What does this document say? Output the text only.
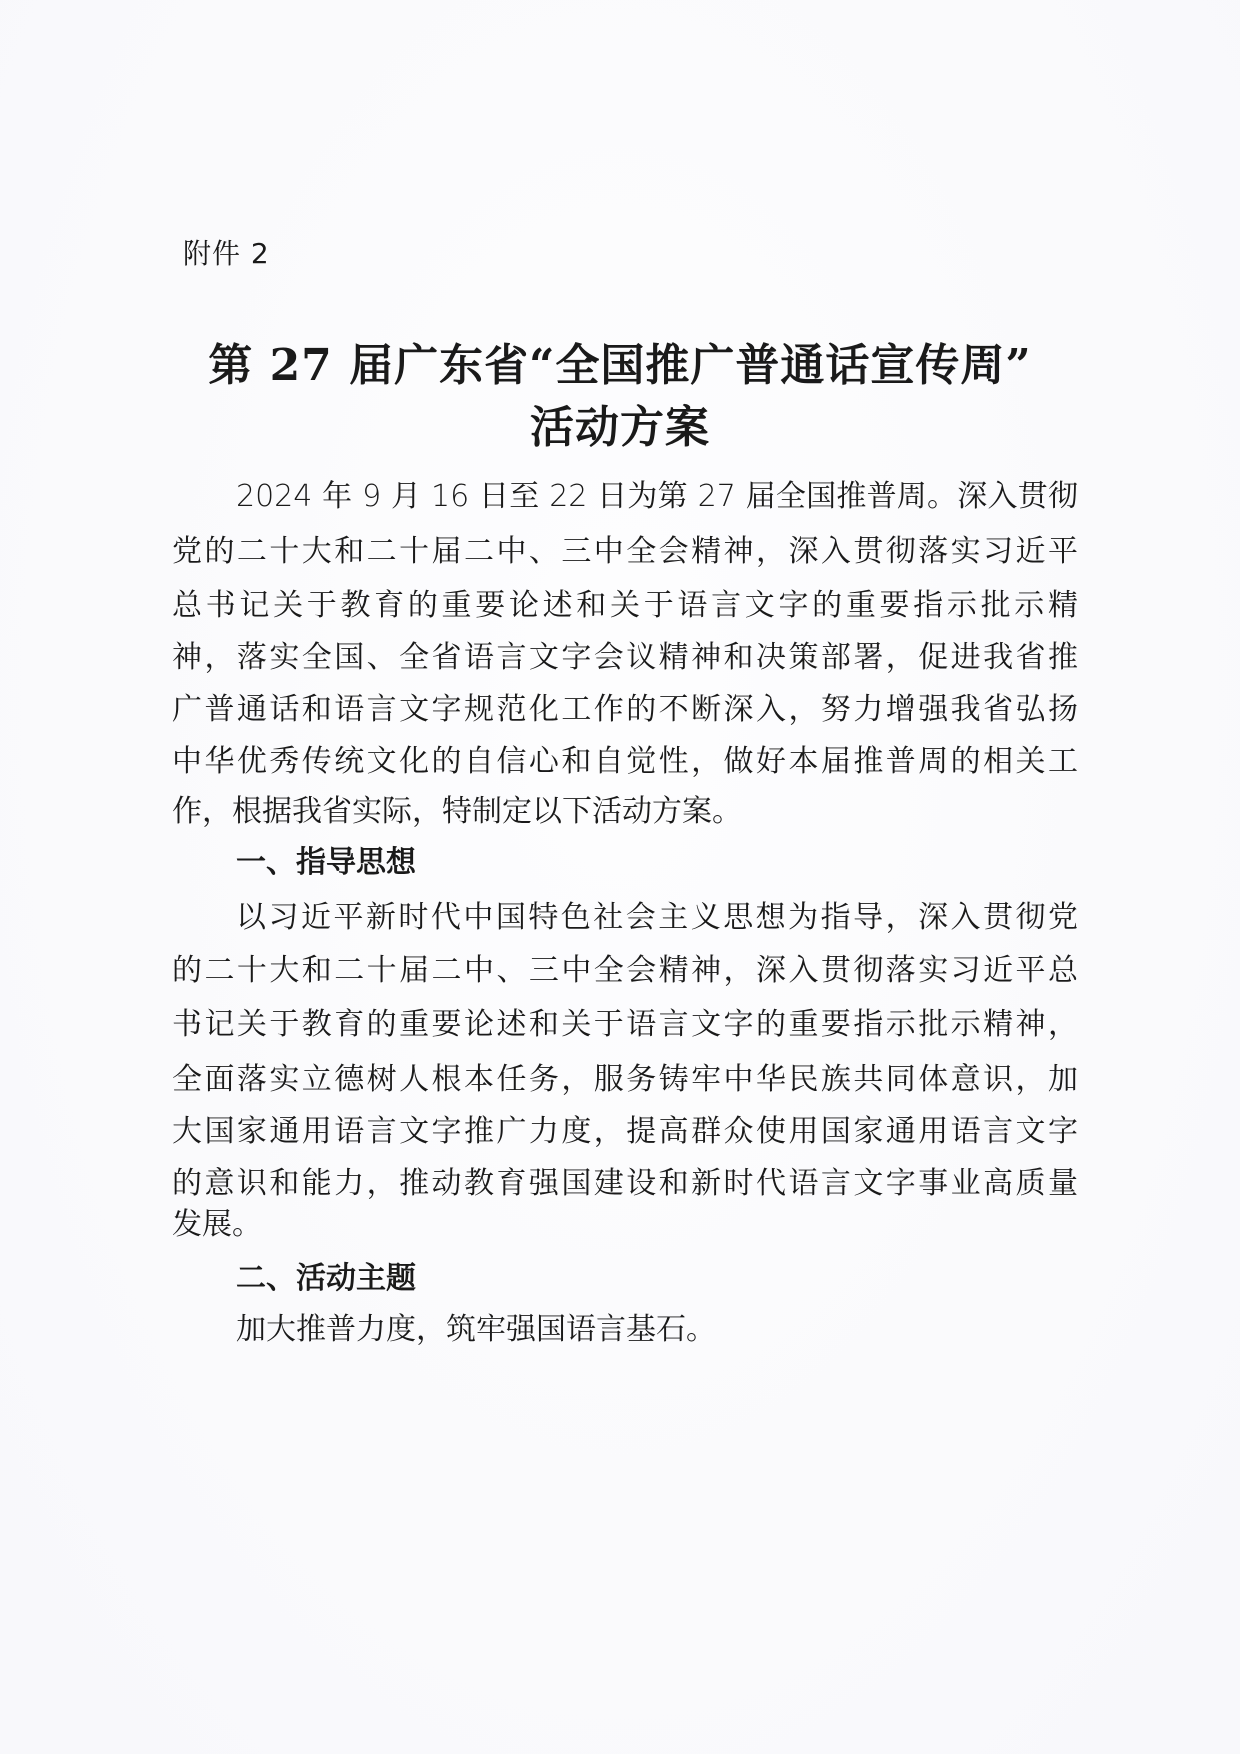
附件 2
第 27 届广东省“全国推广普通话宣传周”
活动方案
2024 年 9 月 16 日至 22 日为第 27 届全国推普周。深入贯彻
党的二十大和二十届二中、三中全会精神，深入贯彻落实习近平
总书记关于教育的重要论述和关于语言文字的重要指示批示精
神，落实全国、全省语言文字会议精神和决策部署，促进我省推
广普通话和语言文字规范化工作的不断深入，努力增强我省弘扬
中华优秀传统文化的自信心和自觉性，做好本届推普周的相关工
作，根据我省实际，特制定以下活动方案。
一、指导思想
以习近平新时代中国特色社会主义思想为指导，深入贯彻党
的二十大和二十届二中、三中全会精神，深入贯彻落实习近平总
书记关于教育的重要论述和关于语言文字的重要指示批示精神，
全面落实立德树人根本任务，服务铸牢中华民族共同体意识，加
大国家通用语言文字推广力度，提高群众使用国家通用语言文字
的意识和能力，推动教育强国建设和新时代语言文字事业高质量
发展。
二、活动主题
加大推普力度，筑牢强国语言基石。
